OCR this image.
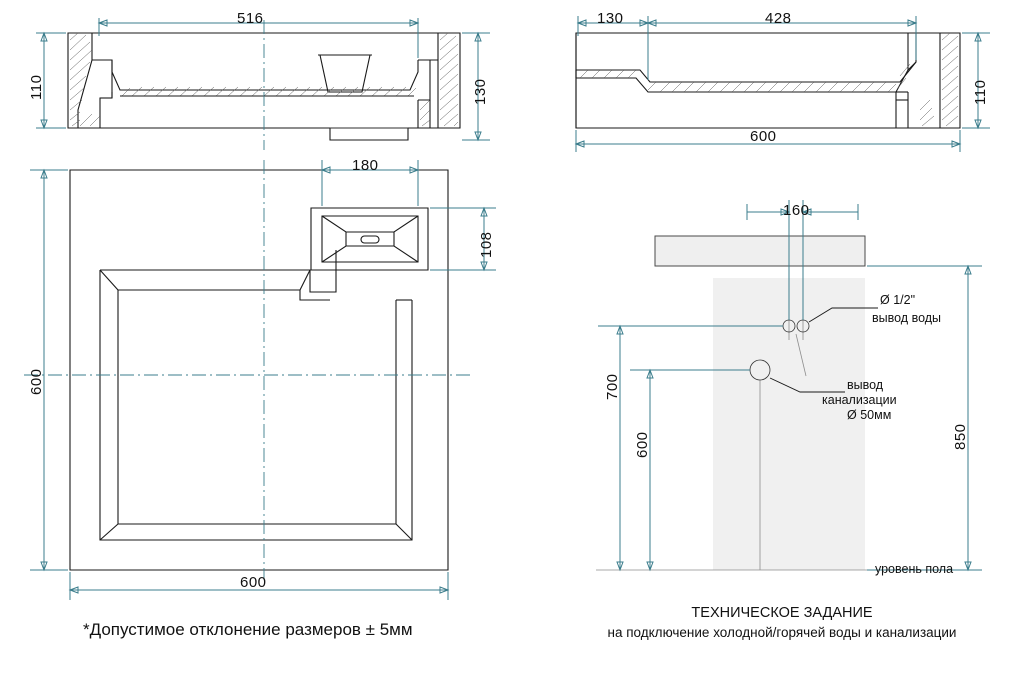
516
110	130
130	428
110
600
180
108
600
600
160
700
600	850
Ø 1/2"
вывод воды
вывод
канализации
Ø 50мм
уровень пола
*Допустимое отклонение размеров ± 5мм
ТЕХНИЧЕСКОЕ ЗАДАНИЕ
на подключение холодной/горячей воды и канализации
